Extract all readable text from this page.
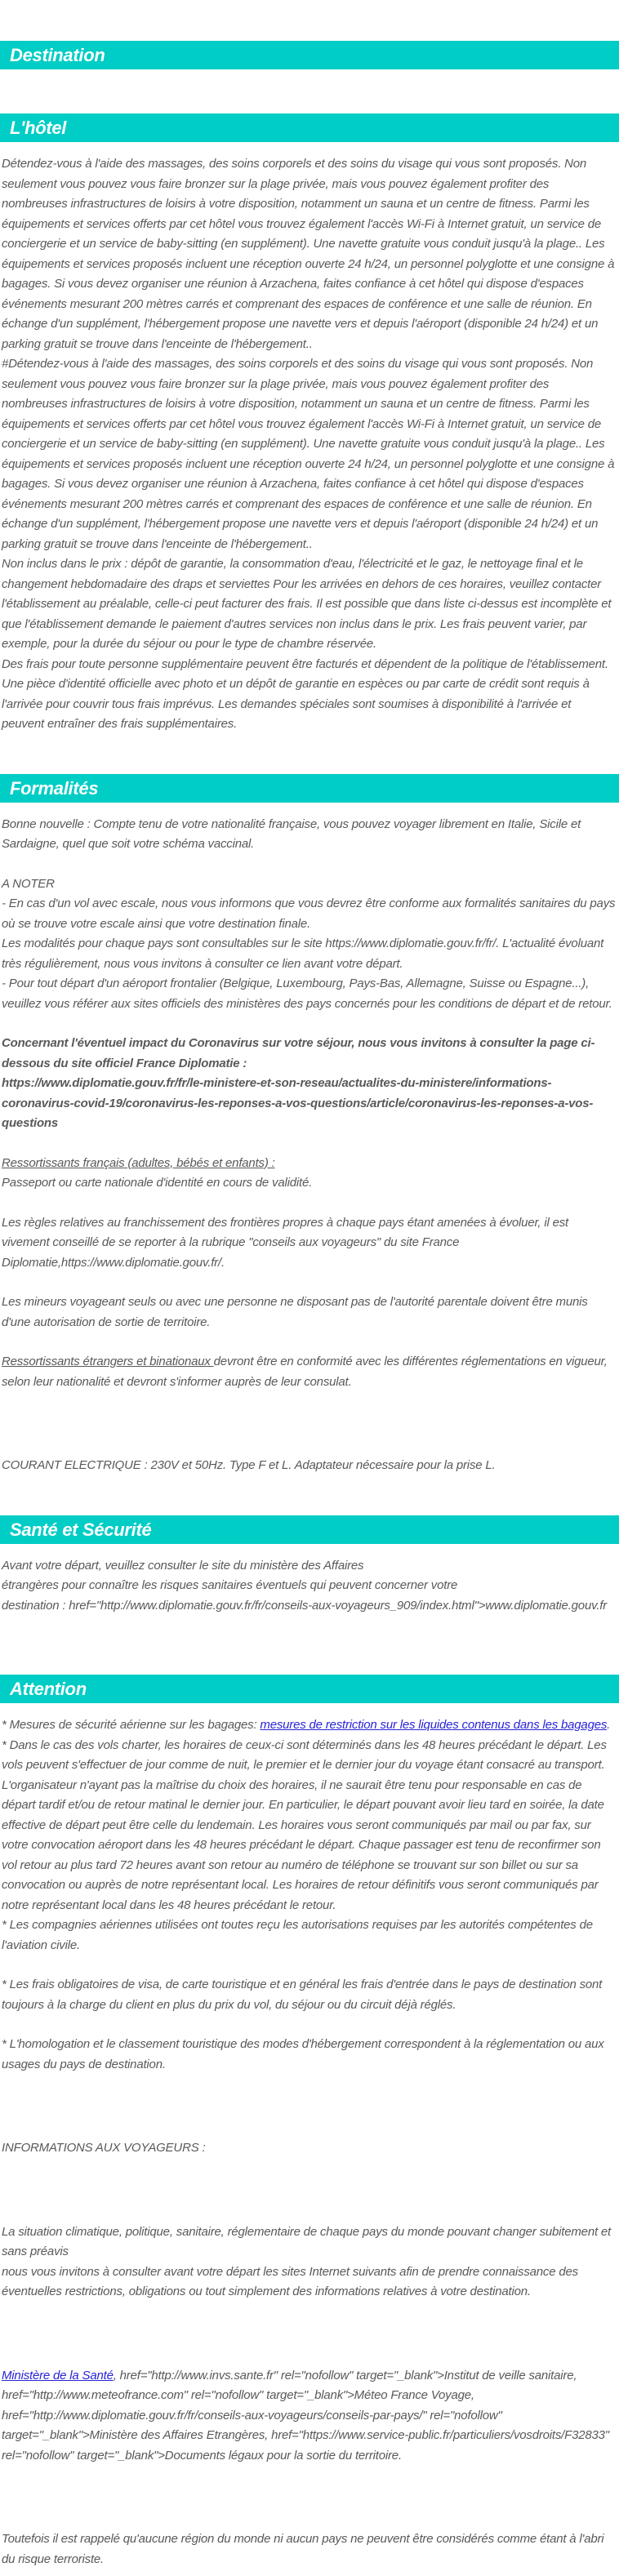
Destination
L'hôtel

Détendez-vous à l'aide des massages, des soins corporels et des soins du visage qui vous sont proposés. Non seulement vous pouvez vous faire bronzer sur la plage privée, mais vous pouvez également profiter des nombreuses infrastructures de loisirs à votre disposition, notamment un sauna et un centre de fitness. Parmi les équipements et services offerts par cet hôtel vous trouvez également l'accès Wi-Fi à Internet gratuit, un service de conciergerie et un service de baby-sitting (en supplément). Une navette gratuite vous conduit jusqu'à la plage.. Les équipements et services proposés incluent une réception ouverte 24 h/24, un personnel polyglotte et une consigne à bagages. Si vous devez organiser une réunion à Arzachena, faites confiance à cet hôtel qui dispose d'espaces événements mesurant 200 mètres carrés et comprenant des espaces de conférence et une salle de réunion. En échange d'un supplément, l'hébergement propose une navette vers et depuis l'aéroport (disponible 24 h/24) et un parking gratuit se trouve dans l'enceinte de l'hébergement..

#Détendez-vous à l'aide des massages, des soins corporels et des soins du visage qui vous sont proposés. Non seulement vous pouvez vous faire bronzer sur la plage privée, mais vous pouvez également profiter des nombreuses infrastructures de loisirs à votre disposition, notamment un sauna et un centre de fitness. Parmi les équipements et services offerts par cet hôtel vous trouvez également l'accès Wi-Fi à Internet gratuit, un service de conciergerie et un service de baby-sitting (en supplément). Une navette gratuite vous conduit jusqu'à la plage.. Les équipements et services proposés incluent une réception ouverte 24 h/24, un personnel polyglotte et une consigne à bagages. Si vous devez organiser une réunion à Arzachena, faites confiance à cet hôtel qui dispose d'espaces événements mesurant 200 mètres carrés et comprenant des espaces de conférence et une salle de réunion. En échange d'un supplément, l'hébergement propose une navette vers et depuis l'aéroport (disponible 24 h/24) et un parking gratuit se trouve dans l'enceinte de l'hébergement..

Non inclus dans le prix : dépôt de garantie, la consommation d'eau, l'électricité et le gaz, le nettoyage final et le changement hebdomadaire des draps et serviettes Pour les arrivées en dehors de ces horaires, veuillez contacter l'établissement au préalable, celle-ci peut facturer des frais. Il est possible que dans liste ci-dessus est incomplète et que l'établissement demande le paiement d'autres services non inclus dans le prix. Les frais peuvent varier, par exemple, pour la durée du séjour ou pour le type de chambre réservée.

Des frais pour toute personne supplémentaire peuvent être facturés et dépendent de la politique de l'établissement. Une pièce d'identité officielle avec photo et un dépôt de garantie en espèces ou par carte de crédit sont requis à l'arrivée pour couvrir tous frais imprévus. Les demandes spéciales sont soumises à disponibilité à l'arrivée et peuvent entraîner des frais supplémentaires.

Formalités

Bonne nouvelle : Compte tenu de votre nationalité française, vous pouvez voyager librement en Italie, Sicile et Sardaigne, quel que soit votre schéma vaccinal.

A NOTER

- En cas d'un vol avec escale, nous vous informons que vous devrez être conforme aux formalités sanitaires du pays où se trouve votre escale ainsi que votre destination finale.

Les modalités pour chaque pays sont consultables sur le site https://www.diplomatie.gouv.fr/fr/. L'actualité évoluant très régulièrement, nous vous invitons à consulter ce lien avant votre départ.

- Pour tout départ d'un aéroport frontalier (Belgique, Luxembourg, Pays-Bas, Allemagne, Suisse ou Espagne...), veuillez vous référer aux sites officiels des ministères des pays concernés pour les conditions de départ et de retour.

Concernant l'éventuel impact du Coronavirus sur votre séjour, nous vous invitons à consulter la page ci-dessous du site officiel France Diplomatie :

https://www.diplomatie.gouv.fr/fr/le-ministere-et-son-reseau/actualites-du-ministere/informations-coronavirus-covid-19/coronavirus-les-reponses-a-vos-questions/article/coronavirus-les-reponses-a-vos-questions

Ressortissants français (adultes, bébés et enfants) :

Passeport ou carte nationale d'identité en cours de validité.

Les règles relatives au franchissement des frontières propres à chaque pays étant amenées à évoluer, il est vivement conseillé de se reporter à la rubrique "conseils aux voyageurs" du site France

Diplomatie,https://www.diplomatie.gouv.fr/.

Les mineurs voyageant seuls ou avec une personne ne disposant pas de l'autorité parentale doivent être munis d'une autorisation de sortie de territoire.

Ressortissants étrangers et binationaux devront être en conformité avec les différentes réglementations en vigueur, selon leur nationalité et devront s'informer auprès de leur consulat.

COURANT ELECTRIQUE : 230V et 50Hz. Type F et L. Adaptateur nécessaire pour la prise L.

Santé et Sécurité

Avant votre départ, veuillez consulter le site du ministère des Affaires

étrangères pour connaître les risques sanitaires éventuels qui peuvent concerner votre

destination : href="http://www.diplomatie.gouv.fr/fr/conseils-aux-voyageurs_909/index.html">www.diplomatie.gouv.fr

Attention

* Mesures de sécurité aérienne sur les bagages: mesures de restriction sur les liquides contenus dans les bagages.

* Dans le cas des vols charter, les horaires de ceux-ci sont déterminés dans les 48 heures précédant le départ. Les vols peuvent s'effectuer de jour comme de nuit, le premier et le dernier jour du voyage étant consacré au transport. L'organisateur n'ayant pas la maîtrise du choix des horaires, il ne saurait être tenu pour responsable en cas de départ tardif et/ou de retour matinal le dernier jour. En particulier, le départ pouvant avoir lieu tard en soirée, la date effective de départ peut être celle du lendemain. Les horaires vous seront communiqués par mail ou par fax, sur votre convocation aéroport dans les 48 heures précédant le départ. Chaque passager est tenu de reconfirmer son vol retour au plus tard 72 heures avant son retour au numéro de téléphone se trouvant sur son billet ou sur sa convocation ou auprès de notre représentant local. Les horaires de retour définitifs vous seront communiqués par notre représentant local dans les 48 heures précédant le retour.

* Les compagnies aériennes utilisées ont toutes reçu les autorisations requises par les autorités compétentes de l'aviation civile.

* Les frais obligatoires de visa, de carte touristique et en général les frais d'entrée dans le pays de destination sont toujours à la charge du client en plus du prix du vol, du séjour ou du circuit déjà réglés.

* L'homologation et le classement touristique des modes d'hébergement correspondent à la réglementation ou aux usages du pays de destination.

INFORMATIONS AUX VOYAGEURS :

La situation climatique, politique, sanitaire, réglementaire de chaque pays du monde pouvant changer subitement et sans préavis

nous vous invitons à consulter avant votre départ les sites Internet suivants afin de prendre connaissance des éventuelles restrictions, obligations ou tout simplement des informations relatives à votre destination.

Ministère de la Santé, href="http://www.invs.sante.fr" rel="nofollow" target="_blank">Institut de veille sanitaire, href="http://www.meteofrance.com" rel="nofollow" target="_blank">Méteo France Voyage, href="http://www.diplomatie.gouv.fr/fr/conseils-aux-voyageurs/conseils-par-pays/" rel="nofollow" target="_blank">Ministère des Affaires Etrangères, href="https://www.service-public.fr/particuliers/vosdroits/F32833" rel="nofollow" target="_blank">Documents légaux pour la sortie du territoire.

Toutefois il est rappelé qu'aucune région du monde ni aucun pays ne peuvent être considérés comme étant à l'abri du risque terroriste.
